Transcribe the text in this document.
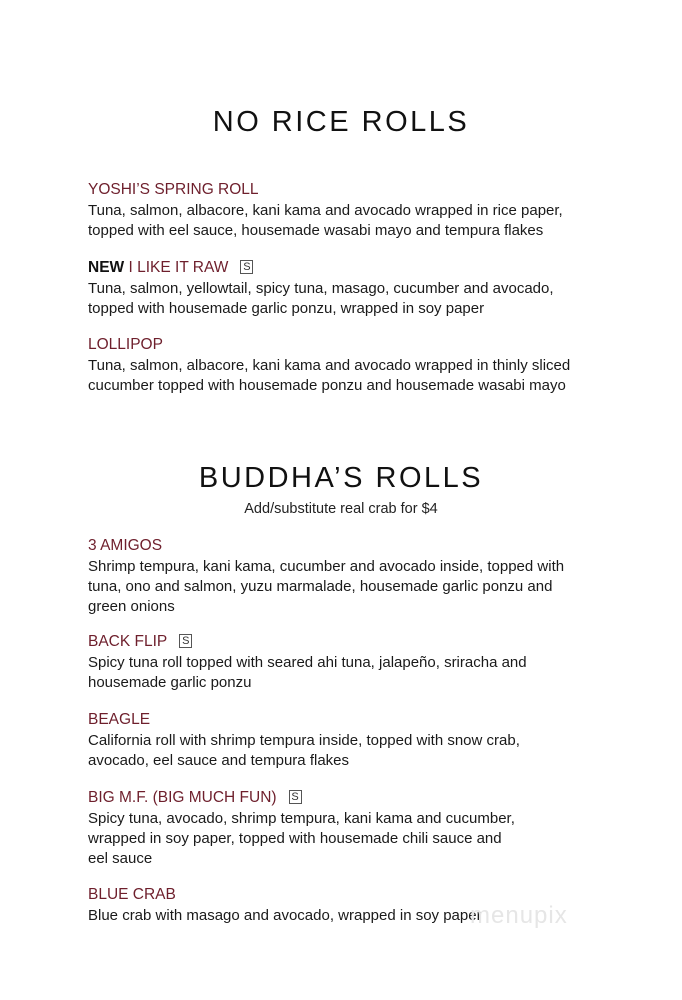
NO RICE ROLLS
YOSHI’S SPRING ROLL
Tuna, salmon, albacore, kani kama and avocado wrapped in rice paper,
topped with eel sauce, housemade wasabi mayo and tempura flakes
NEW I LIKE IT RAW S
Tuna, salmon, yellowtail, spicy tuna, masago, cucumber and avocado,
topped with housemade garlic ponzu, wrapped in soy paper
LOLLIPOP
Tuna, salmon, albacore, kani kama and avocado wrapped in thinly sliced
cucumber topped with housemade ponzu and housemade wasabi mayo
BUDDHA’S ROLLS
Add/substitute real crab for $4
3 AMIGOS
Shrimp tempura, kani kama, cucumber and avocado inside, topped with
tuna, ono and salmon, yuzu marmalade, housemade garlic ponzu and
green onions
BACK FLIP S
Spicy tuna roll topped with seared ahi tuna, jalapeño, sriracha and
housemade garlic ponzu
BEAGLE
California roll with shrimp tempura inside, topped with snow crab,
avocado, eel sauce and tempura flakes
BIG M.F. (BIG MUCH FUN) S
Spicy tuna, avocado, shrimp tempura, kani kama and cucumber,
wrapped in soy paper, topped with housemade chili sauce and
eel sauce
BLUE CRAB
Blue crab with masago and avocado, wrapped in soy paper
menupix
